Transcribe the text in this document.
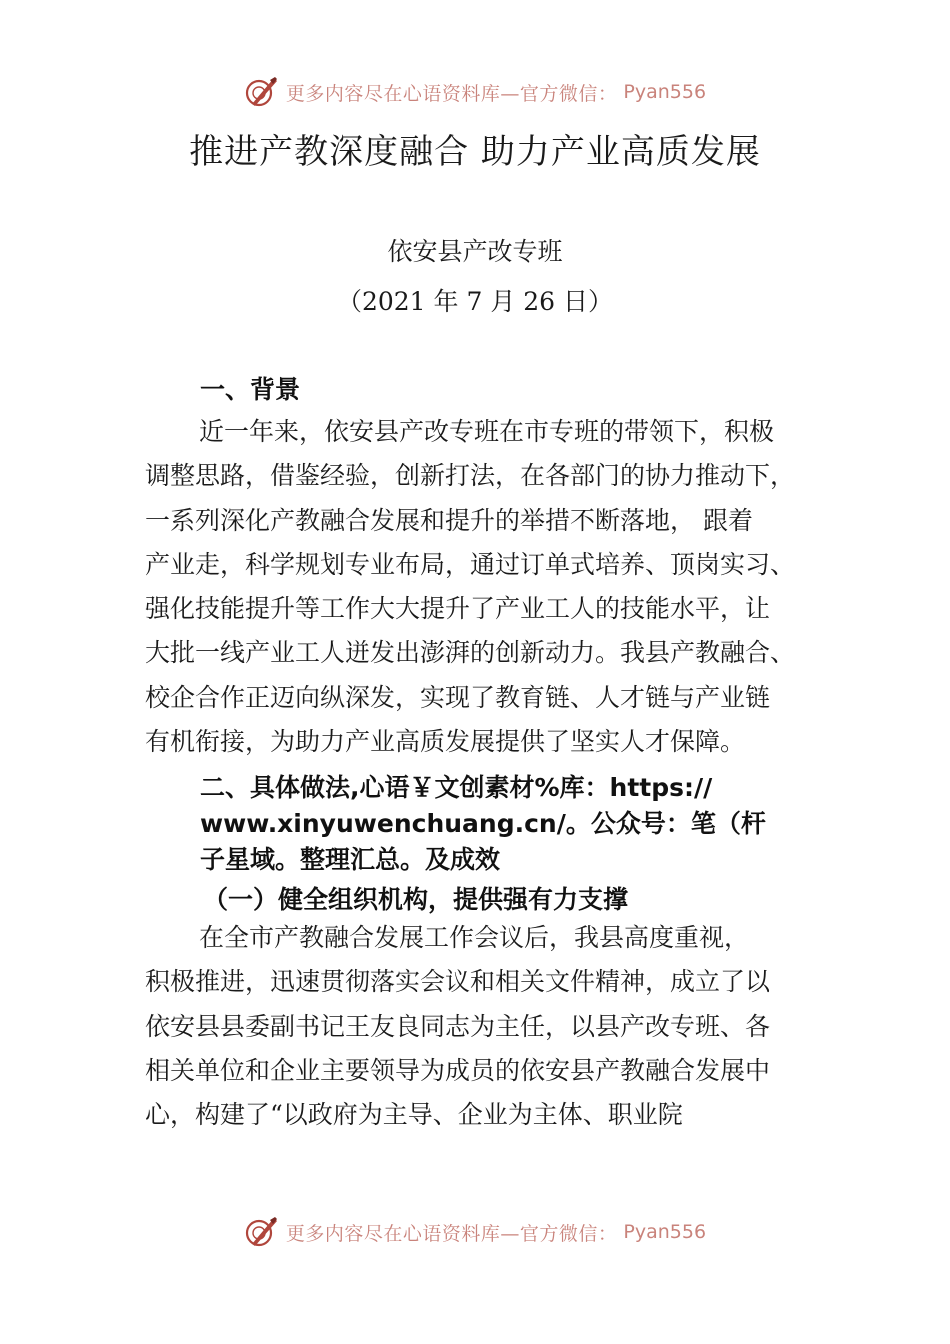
更多内容尽在心语资料库—官方微信： Pyan556
推进产教深度融合 助力产业高质发展

依安县产改专班

（2021 年 7 月 26 日）

一、背景

近一年来，依安县产改专班在市专班的带领下，积极
调整思路，借鉴经验，创新打法，在各部门的协力推动下，
一系列深化产教融合发展和提升的举措不断落地， 跟着
产业走，科学规划专业布局，通过订单式培养、顶岗实习、
强化技能提升等工作大大提升了产业工人的技能水平，让
大批一线产业工人迸发出澎湃的创新动力。我县产教融合、
校企合作正迈向纵深发，实现了教育链、人才链与产业链
有机衔接，为助力产业高质发展提供了坚实人才保障。
二、具体做法,心语￥文创素材%库：https://
www.xinyuwenchuang.cn/。公众号：笔（杆
子星域。整理汇总。及成效

（一）健全组织机构，提供强有力支撑

在全市产教融合发展工作会议后，我县高度重视，
积极推进，迅速贯彻落实会议和相关文件精神，成立了以
依安县县委副书记王友良同志为主任，以县产改专班、各
相关单位和企业主要领导为成员的依安县产教融合发展中
心，构建了“以政府为主导、企业为主体、职业院
更多内容尽在心语资料库—官方微信： Pyan556
